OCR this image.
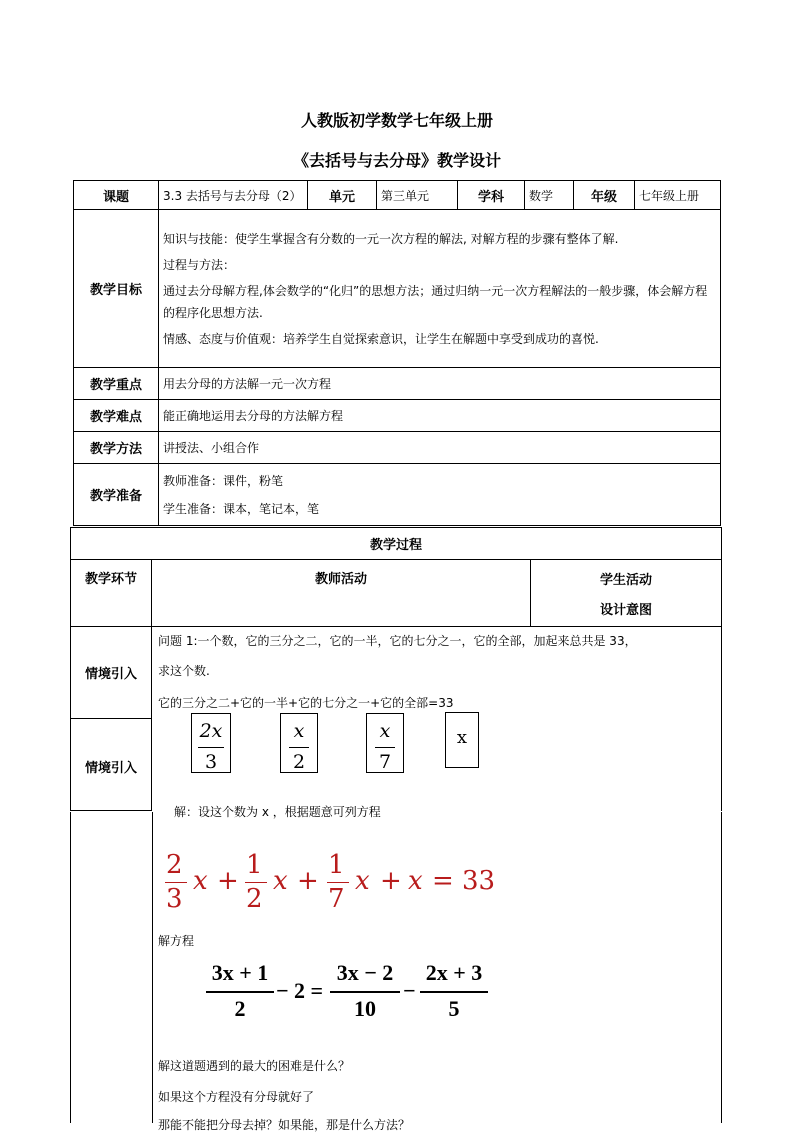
人教版初学数学七年级上册
《去括号与去分母》教学设计
课题	3.3 去括号与去分母（2）	单元	第三单元	学科	数学	年级	七年级上册
教学目标	知识与技能：使学生掌握含有分数的一元一次方程的解法, 对解方程的步骤有整体了解.

过程与方法：

通过去分母解方程,体会数学的“化归”的思想方法；通过归纳一元一次方程解法的一般步骤，体会解方程的程序化思想方法.

情感、态度与价值观：培养学生自觉探索意识，让学生在解题中享受到成功的喜悦.						

教学重点	用去分母的方法解一元一次方程						
教学难点	能正确地运用去分母的方法解方程						
教学方法	讲授法、小组合作						
教学准备	教师准备：课件，粉笔

学生准备：课本，笔记本，笔						

教学过程		
教学环节	教师活动	学生活动
设计意图

情境引入		
情境引入		
问题 1:一个数，它的三分之二，它的一半，它的七分之一，它的全部，加起来总共是 33，
求这个数.
它的三分之二+它的一半+它的七分之一+它的全部=33
2x
3
x
2
x
7
x
解：设这个数为 x ，根据题意可列方程
2
3
x +
1
2
x +
1
7
x + x = 33
解方程
3x + 1
2
− 2 =
3x − 2
10
−
2x + 3
5
解这道题遇到的最大的困难是什么？
如果这个方程没有分母就好了
那能不能把分母去掉？如果能，那是什么方法？
